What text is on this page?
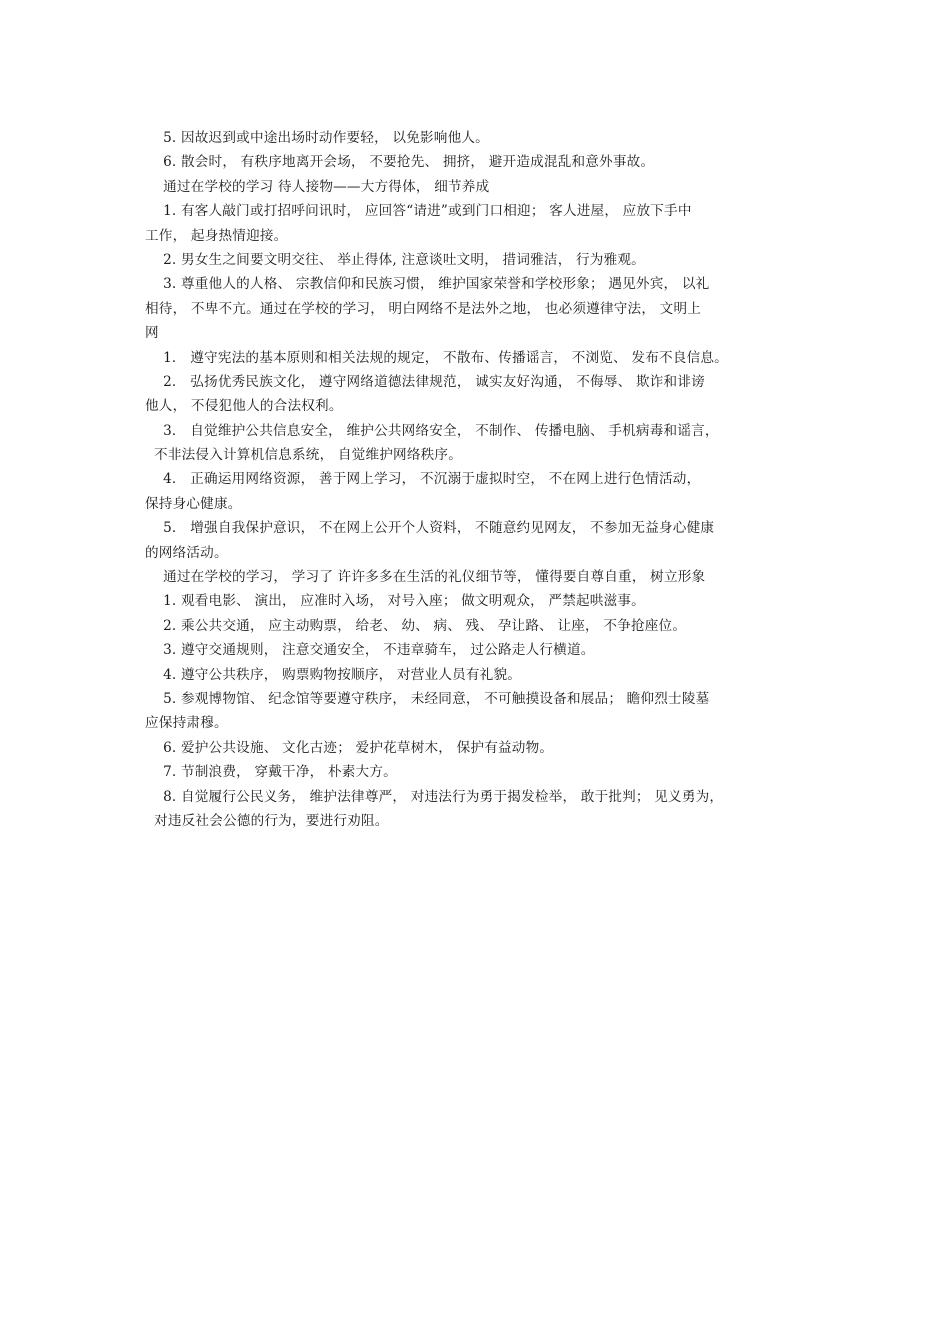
5. 因故迟到或中途出场时动作要轻， 以免影响他人。
6. 散会时， 有秩序地离开会场， 不要抢先、 拥挤， 避开造成混乱和意外事故。
通过在学校的学习 待人接物——大方得体， 细节养成
1. 有客人敲门或打招呼问讯时， 应回答“请进”或到门口相迎； 客人进屋， 应放下手中
工作， 起身热情迎接。
2. 男女生之间要文明交往、 举止得体, 注意谈吐文明， 措词雅洁， 行为雅观。
3. 尊重他人的人格、 宗教信仰和民族习惯， 维护国家荣誉和学校形象； 遇见外宾， 以礼
相待， 不卑不亢。通过在学校的学习， 明白网络不是法外之地， 也必须遵律守法， 文明上
网
1． 遵守宪法的基本原则和相关法规的规定， 不散布、传播谣言， 不浏览、 发布不良信息。
2． 弘扬优秀民族文化， 遵守网络道德法律规范， 诚实友好沟通， 不侮辱、 欺诈和诽谤
他人， 不侵犯他人的合法权利。
3． 自觉维护公共信息安全， 维护公共网络安全， 不制作、 传播电脑、 手机病毒和谣言，
不非法侵入计算机信息系统， 自觉维护网络秩序。
4． 正确运用网络资源， 善于网上学习， 不沉溺于虚拟时空， 不在网上进行色情活动，
保持身心健康。
5． 增强自我保护意识， 不在网上公开个人资料， 不随意约见网友， 不参加无益身心健康
的网络活动。
通过在学校的学习， 学习了 许许多多在生活的礼仪细节等， 懂得要自尊自重， 树立形象
1. 观看电影、 演出， 应准时入场， 对号入座； 做文明观众， 严禁起哄滋事。
2. 乘公共交通， 应主动购票， 给老、 幼、 病、 残、 孕让路、 让座， 不争抢座位。
3. 遵守交通规则， 注意交通安全， 不违章骑车， 过公路走人行横道。
4. 遵守公共秩序， 购票购物按顺序， 对营业人员有礼貌。
5. 参观博物馆、 纪念馆等要遵守秩序， 未经同意， 不可触摸设备和展品； 瞻仰烈士陵墓
应保持肃穆。
6. 爱护公共设施、 文化古迹； 爱护花草树木， 保护有益动物。
7. 节制浪费， 穿戴干净， 朴素大方。
8. 自觉履行公民义务， 维护法律尊严， 对违法行为勇于揭发检举， 敢于批判； 见义勇为，
对违反社会公德的行为，要进行劝阻。
